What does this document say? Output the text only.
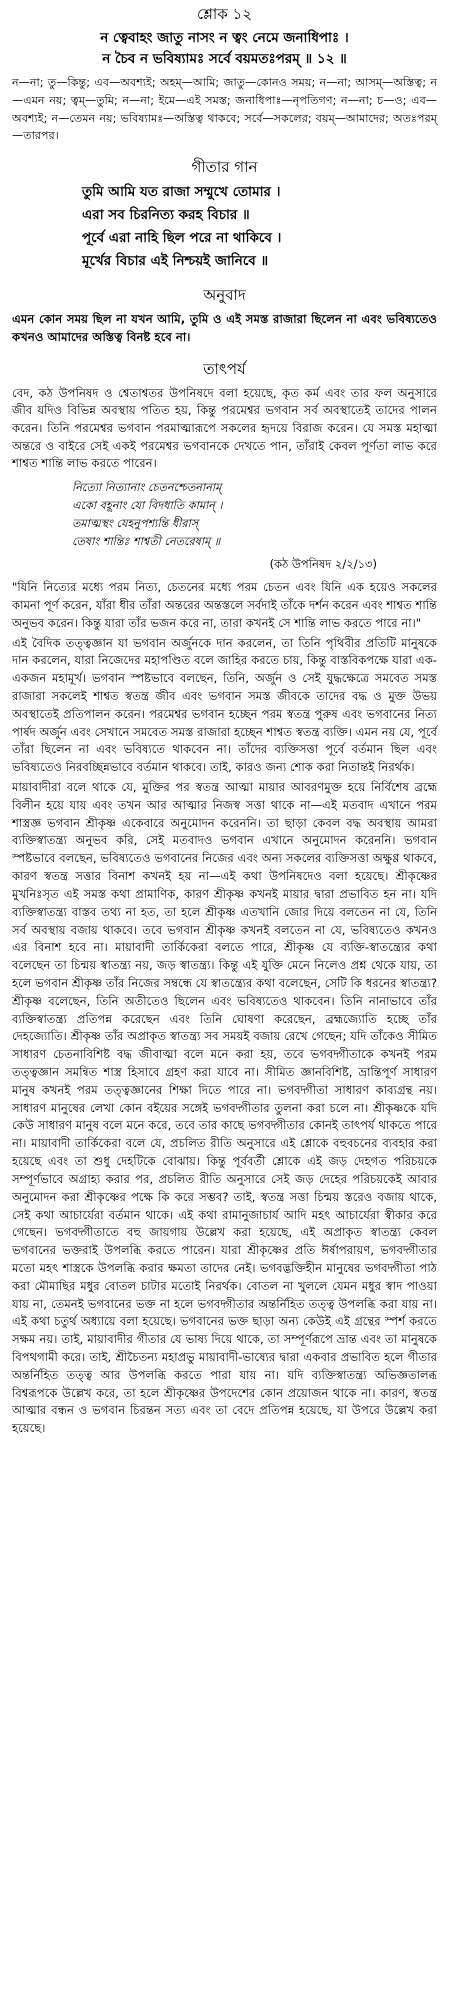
শ্লোক ১২

ন ত্বেবাহং জাতু নাসং ন ত্বং নেমে জনাধিপাঃ ।

ন চৈব ন ভবিষ্যামঃ সর্বে বয়মতঃপরম্ ॥ ১২ ॥

ন—না; তু—কিন্তু; এব—অবশ্যই; অহম্—আমি; জাতু—কোনও সময়; ন—না; আসম্—অস্তিত্ব; ন—এমন নয়; ত্বম্—তুমি; ন—না; ইমে—এই সমস্ত; জনাধিপাঃ—নৃপতিগণ; ন—না; চ—ও; এব—অবশ্যই; ন—তেমন নয়; ভবিষ্যামঃ—অস্তিত্ব থাকবে; সর্বে—সকলের; বয়ম্—আমাদের; অতঃপরম্—তারপর।

গীতার গান

তুমি আমি যত রাজা সম্মুখে তোমার ।

এরা সব চিরনিত্য করহ বিচার ॥

পূর্বে এরা নাহি ছিল পরে না থাকিবে ।

মূর্খের বিচার এই নিশ্চয়ই জানিবে ॥

অনুবাদ

এমন কোন সময় ছিল না যখন আমি, তুমি ও এই সমস্ত রাজারা ছিলেন না এবং ভবিষ্যতেও কখনও আমাদের অস্তিত্ব বিনষ্ট হবে না।

তাৎপর্য

বেদ, কঠ উপনিষদ ও শ্বেতাশ্বতর উপনিষদে বলা হয়েছে, কৃত কর্ম এবং তার ফল অনুসারে জীব যদিও বিভিন্ন অবস্থায় পতিত হয়, কিন্তু পরমেশ্বর ভগবান সর্ব অবস্থাতেই তাদের পালন করেন। তিনি পরমেশ্বর ভগবান পরমাত্মারূপে সকলের হৃদয়ে বিরাজ করেন। যে সমস্ত মহাত্মা অন্তরে ও বাইরে সেই একই পরমেশ্বর ভগবানকে দেখতে পান, তাঁরাই কেবল পূর্ণতা লাভ করে শাশ্বত শান্তি লাভ করতে পারেন।

নিত্যো নিত্যানাং চেতনশ্চেতনানাম্

একো বহূনাং যো বিদধাতি কামান্ ।

তমাত্মস্থং যেহনুপশ্যন্তি ধীরাস্

তেষাং শান্তিঃ শাশ্বতী নেতরেষাম্ ॥

(কঠ উপনিষদ ২/২/১৩)

"যিনি নিত্যের মধ্যে পরম নিত্য, চেতনের মধ্যে পরম চেতন এবং যিনি এক হয়েও সকলের কামনা পূর্ণ করেন, যাঁরা ধীর তাঁরা অন্তরের অন্তস্তলে সর্বদাই তাঁকে দর্শন করেন এবং শাশ্বত শান্তি অনুভব করেন। কিন্তু যারা তাঁর ভজন করে না, তারা কখনই সে শান্তি লাভ করতে পারে না।"

এই বৈদিক তত্ত্বজ্ঞান যা ভগবান অর্জুনকে দান করলেন, তা তিনি পৃথিবীর প্রতিটি মানুষকে দান করলেন, যারা নিজেদের মহাপণ্ডিত বলে জাহির করতে চায়, কিন্তু বাস্তবিকপক্ষে যারা এক-একজন মহামূর্খ। ভগবান স্পষ্টভাবে বলছেন, তিনি, অর্জুন ও সেই যুদ্ধক্ষেত্রে সমবেত সমস্ত রাজারা সকলেই শাশ্বত স্বতন্ত্র জীব এবং ভগবান সমস্ত জীবকে তাদের বদ্ধ ও মুক্ত উভয় অবস্থাতেই প্রতিপালন করেন। পরমেশ্বর ভগবান হচ্ছেন পরম স্বতন্ত্র পুরুষ এবং ভগবানের নিত্য পার্ষদ অর্জুন এবং সেখানে সমবেত সমস্ত রাজারা হচ্ছেন শাশ্বত স্বতন্ত্র ব্যক্তি। এমন নয় যে, পূর্বে তাঁরা ছিলেন না এবং ভবিষ্যতে থাকবেন না। তাঁদের ব্যক্তিসত্তা পূর্বে বর্তমান ছিল এবং ভবিষ্যতেও নিরবচ্ছিন্নভাবে বর্তমান থাকবে। তাই, কারও জন্য শোক করা নিতান্তই নিরর্থক।

মায়াবাদীরা বলে থাকে যে, মুক্তির পর স্বতন্ত্র আত্মা মায়ার আবরণমুক্ত হয়ে নির্বিশেষ ব্রহ্মে বিলীন হয়ে যায় এবং তখন আর আত্মার নিজস্ব সত্তা থাকে না—এই মতবাদ এখানে পরম শাস্ত্রজ্ঞ ভগবান শ্রীকৃষ্ণ একেবারে অনুমোদন করেননি। তা ছাড়া কেবল বদ্ধ অবস্থায় আমরা ব্যক্তিস্বাতন্ত্র্য অনুভব করি, সেই মতবাদও ভগবান এখানে অনুমোদন করেননি। ভগবান স্পষ্টভাবে বলছেন, ভবিষ্যতেও ভগবানের নিজের এবং অন্য সকলের ব্যক্তিসত্তা অক্ষুণ্ণ থাকবে, কারণ স্বতন্ত্র সত্তার বিনাশ কখনই হয় না—এই কথা উপনিষদেও বলা হয়েছে। শ্রীকৃষ্ণের মুখনিঃসৃত এই সমস্ত কথা প্রামাণিক, কারণ শ্রীকৃষ্ণ কখনই মায়ার দ্বারা প্রভাবিত হন না। যদি ব্যক্তিস্বাতন্ত্র্য বাস্তব তথ্য না হত, তা হলে শ্রীকৃষ্ণ এতখানি জোর দিয়ে বলতেন না যে, তিনি সর্ব অবস্থায় বজায় থাকবে। তবে ভগবান শ্রীকৃষ্ণ কখনই বলতেন না যে, ভবিষ্যতেও কখনও এর বিনাশ হবে না। মায়াবাদী তার্কিকেরা বলতে পারে, শ্রীকৃষ্ণ যে ব্যক্তি-স্বাতন্ত্র্যের কথা বলেছেন তা চিন্ময় স্বাতন্ত্র্য নয়, জড় স্বাতন্ত্র্য। কিন্তু এই যুক্তি মেনে নিলেও প্রশ্ন থেকে যায়, তা হলে ভগবান শ্রীকৃষ্ণ তাঁর নিজের সম্বন্ধে যে স্বাতন্ত্র্যের কথা বলেছেন, সেটি কি ধরনের স্বাতন্ত্র্য? শ্রীকৃষ্ণ বলেছেন, তিনি অতীতেও ছিলেন এবং ভবিষ্যতেও থাকবেন। তিনি নানাভাবে তাঁর ব্যক্তিস্বাতন্ত্র্য প্রতিপন্ন করেছেন এবং তিনি ঘোষণা করেছেন, ব্রহ্মজ্যোতি হচ্ছে তাঁর দেহজ্যোতি। শ্রীকৃষ্ণ তাঁর অপ্রাকৃত স্বাতন্ত্র্য সব সময়ই বজায় রেখে গেছেন; যদি তাঁকেও সীমিত সাধারণ চেতনাবিশিষ্ট বদ্ধ জীবাত্মা বলে মনে করা হয়, তবে ভগবদ্গীতাকে কখনই পরম তত্ত্বজ্ঞান সমন্বিত শাস্ত্র হিসাবে গ্রহণ করা যাবে না। সীমিত জ্ঞানবিশিষ্ট, ভ্রান্তিপূর্ণ সাধারণ মানুষ কখনই পরম তত্ত্বজ্ঞানের শিক্ষা দিতে পারে না। ভগবদ্গীতা সাধারণ কাব্যগ্রন্থ নয়। সাধারণ মানুষের লেখা কোন বইয়ের সঙ্গেই ভগবদ্গীতার তুলনা করা চলে না। শ্রীকৃষ্ণকে যদি কেউ সাধারণ মানুষ বলে মনে করে, তবে তার কাছে ভগবদ্গীতার কোনই তাৎপর্য থাকতে পারে না। মায়াবাদী তার্কিকেরা বলে যে, প্রচলিত রীতি অনুসারে এই শ্লোকে বহুবচনের ব্যবহার করা হয়েছে এবং তা শুধু দেহটিকে বোঝায়। কিন্তু পূর্ববর্তী শ্লোকে এই জড় দেহগত পরিচয়কে সম্পূর্ণভাবে অগ্রাহ্য করার পর, প্রচলিত রীতি অনুসারে সেই জড় দেহের পরিচয়কেই আবার অনুমোদন করা শ্রীকৃষ্ণের পক্ষে কি করে সম্ভব? তাই, স্বতন্ত্র সত্তা চিন্ময় স্তরেও বজায় থাকে, সেই কথা আচার্যেরা বর্তমান থাকে। এই কথা রামানুজাচার্য আদি মহৎ আচার্যেরা স্বীকার করে গেছেন। ভগবদ্গীতাতে বহু জায়গায় উল্লেখ করা হয়েছে, এই অপ্রাকৃত স্বাতন্ত্র্য কেবল ভগবানের ভক্তরাই উপলব্ধি করতে পারেন। যারা শ্রীকৃষ্ণের প্রতি ঈর্ষাপরায়ণ, ভগবদ্গীতার মতো মহৎ শাস্ত্রকে উপলব্ধি করার ক্ষমতা তাদের নেই। ভগবদ্ভক্তিহীন মানুষের ভগবদ্গীতা পাঠ করা মৌমাছির মধুর বোতল চাটার মতোই নিরর্থক। বোতল না খুললে যেমন মধুর স্বাদ পাওয়া যায় না, তেমনই ভগবানের ভক্ত না হলে ভগবদ্গীতার অন্তর্নিহিত তত্ত্ব উপলব্ধি করা যায় না। এই কথা চতুর্থ অধ্যায়ে বলা হয়েছে। ভগবানের ভক্ত ছাড়া অন্য কেউই এই গ্রন্থের স্পর্শ করতে সক্ষম নয়। তাই, মায়াবাদীর গীতার যে ভাষ্য দিয়ে থাকে, তা সম্পূর্ণরূপে ভ্রান্ত এবং তা মানুষকে বিপথগামী করে। তাই, শ্রীচৈতন্য মহাপ্রভু মায়াবাদী-ভাষ্যের দ্বারা একবার প্রভাবিত হলে গীতার অন্তর্নিহিত তত্ত্ব আর উপলব্ধি করতে পারা যায় না। যদি ব্যক্তিস্বাতন্ত্র্য অভিজ্ঞতালব্ধ বিশ্বরূপকে উল্লেখ করে, তা হলে শ্রীকৃষ্ণের উপদেশের কোন প্রয়োজন থাকে না। কারণ, স্বতন্ত্র আত্মার বন্ধন ও ভগবান চিরন্তন সত্য এবং তা বেদে প্রতিপন্ন হয়েছে, যা উপরে উল্লেখ করা হয়েছে।
